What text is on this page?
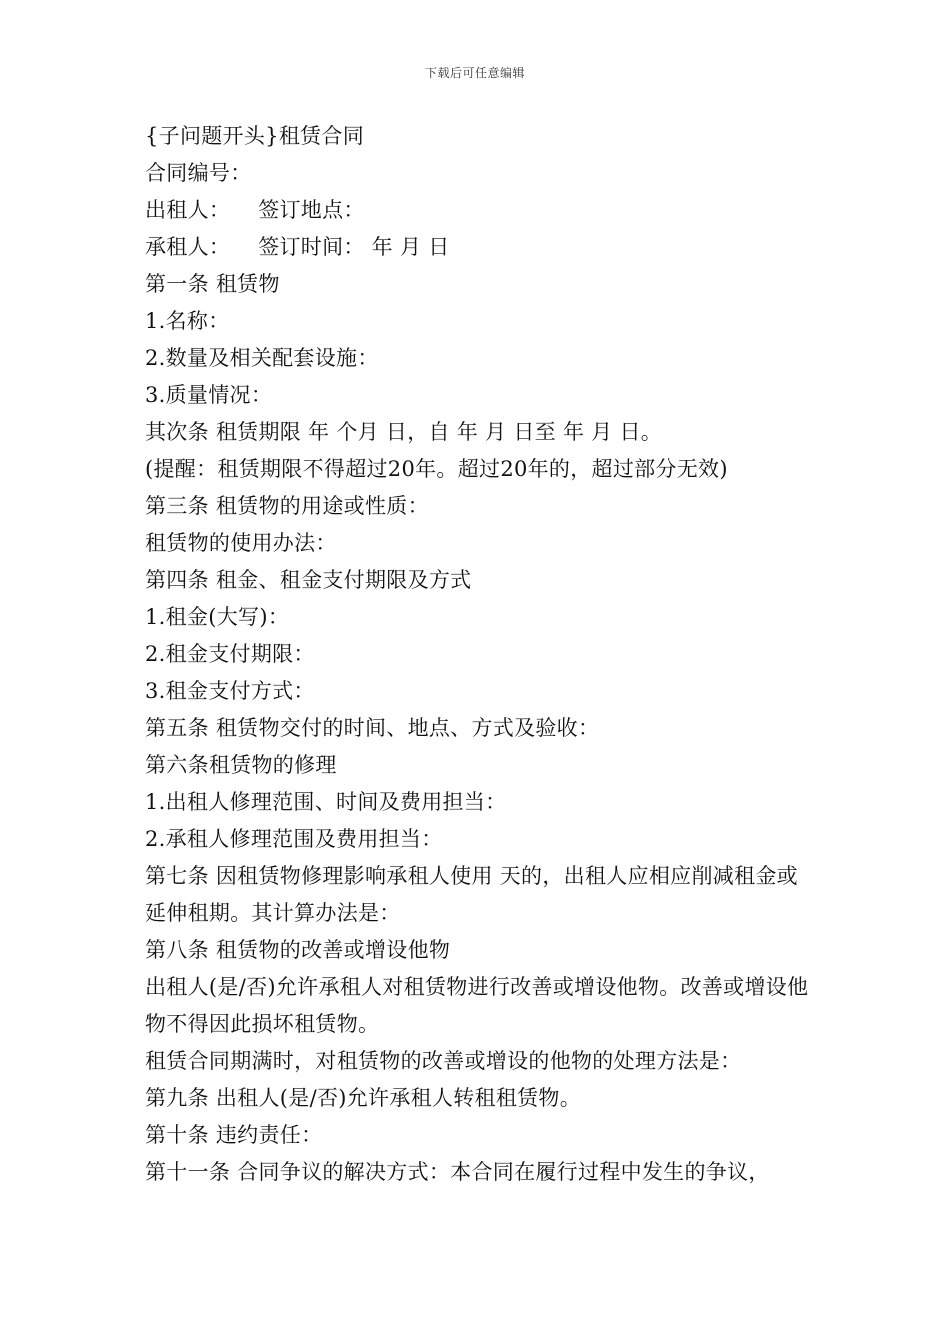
下载后可任意编辑
{子问题开头}租赁合同
合同编号：
出租人： 签订地点：
承租人： 签订时间： 年 月 日
第一条 租赁物
1.名称：
2.数量及相关配套设施：
3.质量情况：
其次条 租赁期限 年 个月 日，自 年 月 日至 年 月 日。
(提醒：租赁期限不得超过20年。超过20年的，超过部分无效)
第三条 租赁物的用途或性质：
租赁物的使用办法：
第四条 租金、租金支付期限及方式
1.租金(大写)：
2.租金支付期限：
3.租金支付方式：
第五条 租赁物交付的时间、地点、方式及验收：
第六条租赁物的修理
1.出租人修理范围、时间及费用担当：
2.承租人修理范围及费用担当：
第七条 因租赁物修理影响承租人使用 天的，出租人应相应削减租金或延伸租期。其计算办法是：
第八条 租赁物的改善或增设他物
出租人(是/否)允许承租人对租赁物进行改善或增设他物。改善或增设他物不得因此损坏租赁物。
租赁合同期满时，对租赁物的改善或增设的他物的处理方法是：
第九条 出租人(是/否)允许承租人转租租赁物。
第十条 违约责任：
第十一条 合同争议的解决方式：本合同在履行过程中发生的争议，
